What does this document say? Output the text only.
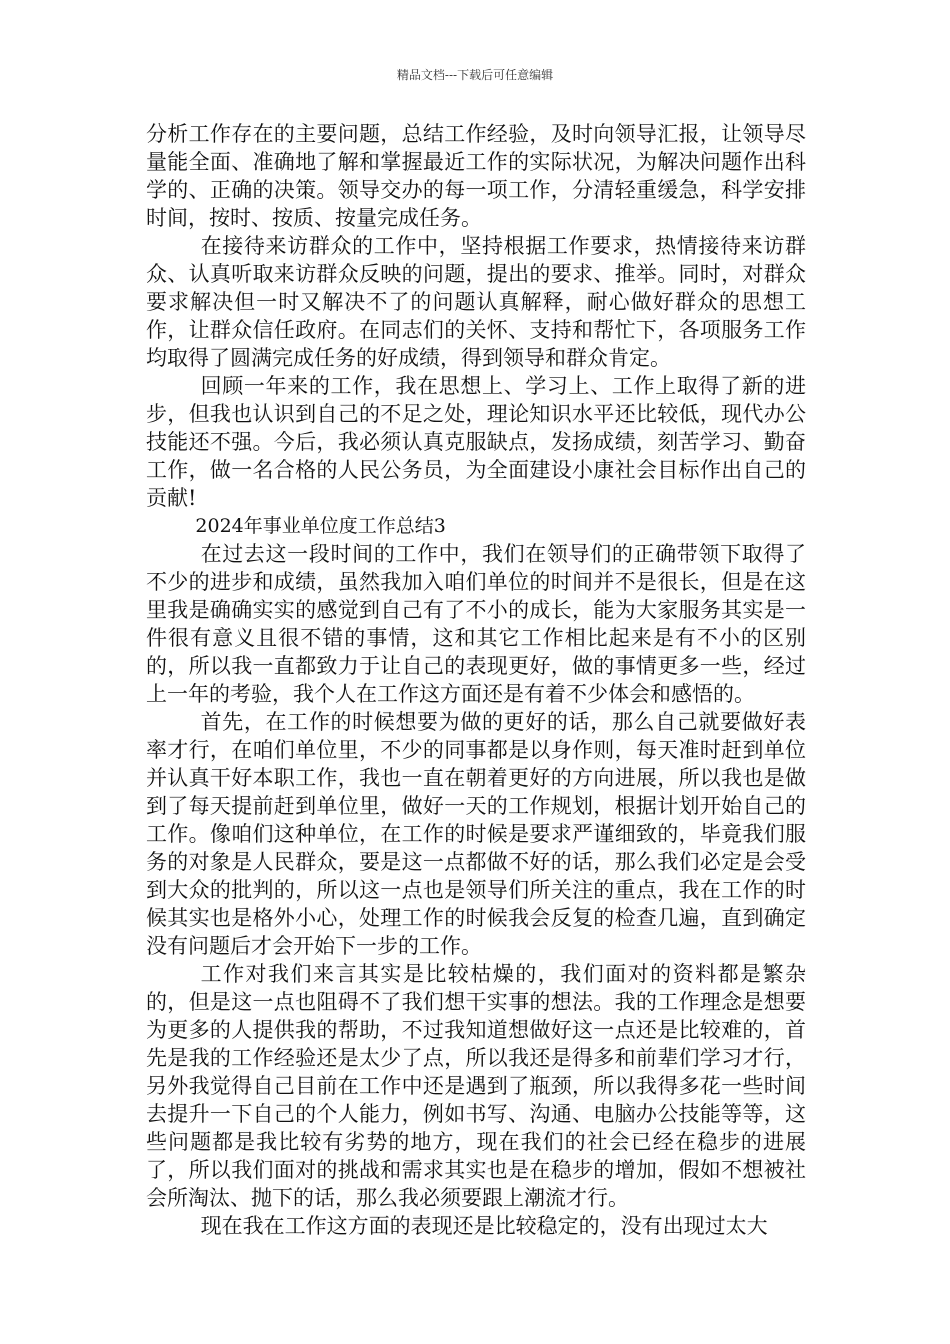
精品文档---下载后可任意编辑

分析工作存在的主要问题，总结工作经验，及时向领导汇报，让领导尽量能全面、准确地了解和掌握最近工作的实际状况，为解决问题作出科学的、正确的决策。领导交办的每一项工作，分清轻重缓急，科学安排时间，按时、按质、按量完成任务。

在接待来访群众的工作中，坚持根据工作要求，热情接待来访群众、认真听取来访群众反映的问题，提出的要求、推举。同时，对群众要求解决但一时又解决不了的问题认真解释，耐心做好群众的思想工作，让群众信任政府。在同志们的关怀、支持和帮忙下，各项服务工作均取得了圆满完成任务的好成绩，得到领导和群众肯定。

回顾一年来的工作，我在思想上、学习上、工作上取得了新的进步，但我也认识到自己的不足之处，理论知识水平还比较低，现代办公技能还不强。今后，我必须认真克服缺点，发扬成绩，刻苦学习、勤奋工作，做一名合格的人民公务员，为全面建设小康社会目标作出自己的贡献!

2024年事业单位度工作总结3

在过去这一段时间的工作中，我们在领导们的正确带领下取得了不少的进步和成绩，虽然我加入咱们单位的时间并不是很长，但是在这里我是确确实实的感觉到自己有了不小的成长，能为大家服务其实是一件很有意义且很不错的事情，这和其它工作相比起来是有不小的区别的，所以我一直都致力于让自己的表现更好，做的事情更多一些，经过上一年的考验，我个人在工作这方面还是有着不少体会和感悟的。

首先，在工作的时候想要为做的更好的话，那么自己就要做好表率才行，在咱们单位里，不少的同事都是以身作则，每天准时赶到单位并认真干好本职工作，我也一直在朝着更好的方向进展，所以我也是做到了每天提前赶到单位里，做好一天的工作规划，根据计划开始自己的工作。像咱们这种单位，在工作的时候是要求严谨细致的，毕竟我们服务的对象是人民群众，要是这一点都做不好的话，那么我们必定是会受到大众的批判的，所以这一点也是领导们所关注的重点，我在工作的时候其实也是格外小心，处理工作的时候我会反复的检查几遍，直到确定没有问题后才会开始下一步的工作。

工作对我们来言其实是比较枯燥的，我们面对的资料都是繁杂的，但是这一点也阻碍不了我们想干实事的想法。我的工作理念是想要为更多的人提供我的帮助，不过我知道想做好这一点还是比较难的，首先是我的工作经验还是太少了点，所以我还是得多和前辈们学习才行，另外我觉得自己目前在工作中还是遇到了瓶颈，所以我得多花一些时间去提升一下自己的个人能力，例如书写、沟通、电脑办公技能等等，这些问题都是我比较有劣势的地方，现在我们的社会已经在稳步的进展了，所以我们面对的挑战和需求其实也是在稳步的增加，假如不想被社会所淘汰、抛下的话，那么我必须要跟上潮流才行。

现在我在工作这方面的表现还是比较稳定的，没有出现过太大
